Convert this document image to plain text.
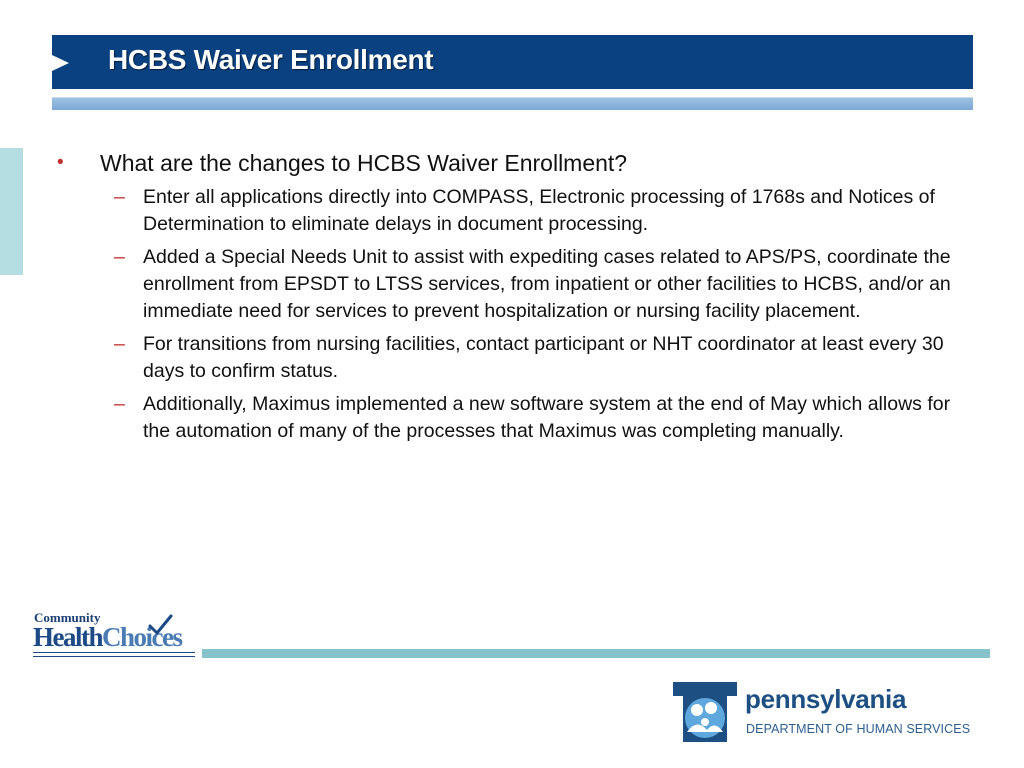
HCBS Waiver Enrollment
• What are the changes to HCBS Waiver Enrollment?
– Enter all applications directly into COMPASS, Electronic processing of 1768s and Notices of Determination to eliminate delays in document processing.
– Added a Special Needs Unit to assist with expediting cases related to APS/PS, coordinate the enrollment from EPSDT to LTSS services, from inpatient or other facilities to HCBS, and/or an immediate need for services to prevent hospitalization or nursing facility placement.
– For transitions from nursing facilities, contact participant or NHT coordinator at least every 30 days to confirm status.
– Additionally, Maximus implemented a new software system at the end of May which allows for the automation of many of the processes that Maximus was completing manually.
Community
HealthChoices
pennsylvania
DEPARTMENT OF HUMAN SERVICES
